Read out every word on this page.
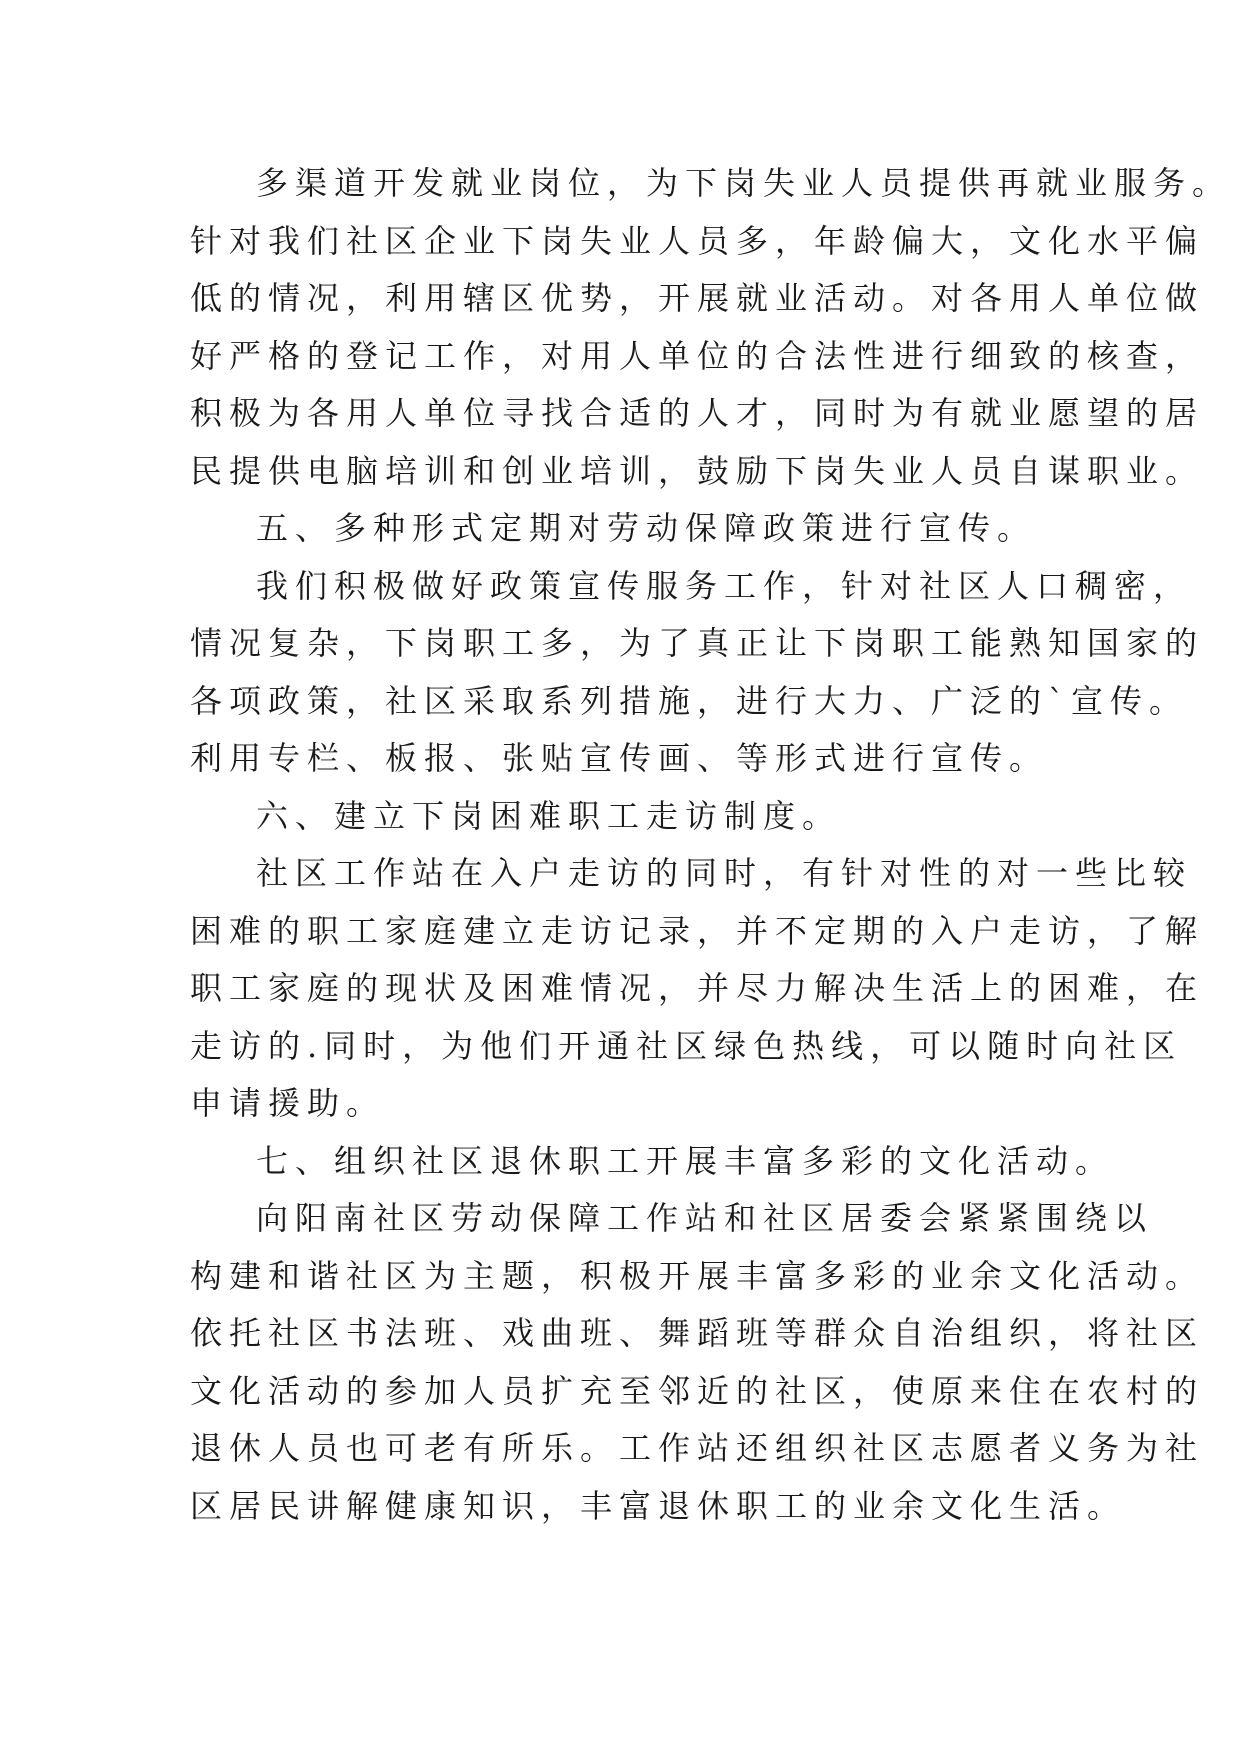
多渠道开发就业岗位，为下岗失业人员提供再就业服务。
针对我们社区企业下岗失业人员多，年龄偏大，文化水平偏
低的情况，利用辖区优势，开展就业活动。对各用人单位做
好严格的登记工作，对用人单位的合法性进行细致的核查，
积极为各用人单位寻找合适的人才，同时为有就业愿望的居
民提供电脑培训和创业培训，鼓励下岗失业人员自谋职业。
五、多种形式定期对劳动保障政策进行宣传。
我们积极做好政策宣传服务工作，针对社区人口稠密，
情况复杂，下岗职工多，为了真正让下岗职工能熟知国家的
各项政策，社区采取系列措施，进行大力、广泛的`宣传。
利用专栏、板报、张贴宣传画、等形式进行宣传。
六、建立下岗困难职工走访制度。
社区工作站在入户走访的同时，有针对性的对一些比较
困难的职工家庭建立走访记录，并不定期的入户走访，了解
职工家庭的现状及困难情况，并尽力解决生活上的困难，在
走访的.同时，为他们开通社区绿色热线，可以随时向社区
申请援助。
七、组织社区退休职工开展丰富多彩的文化活动。
向阳南社区劳动保障工作站和社区居委会紧紧围绕以
构建和谐社区为主题，积极开展丰富多彩的业余文化活动。
依托社区书法班、戏曲班、舞蹈班等群众自治组织，将社区
文化活动的参加人员扩充至邻近的社区，使原来住在农村的
退休人员也可老有所乐。工作站还组织社区志愿者义务为社
区居民讲解健康知识，丰富退休职工的业余文化生活。
